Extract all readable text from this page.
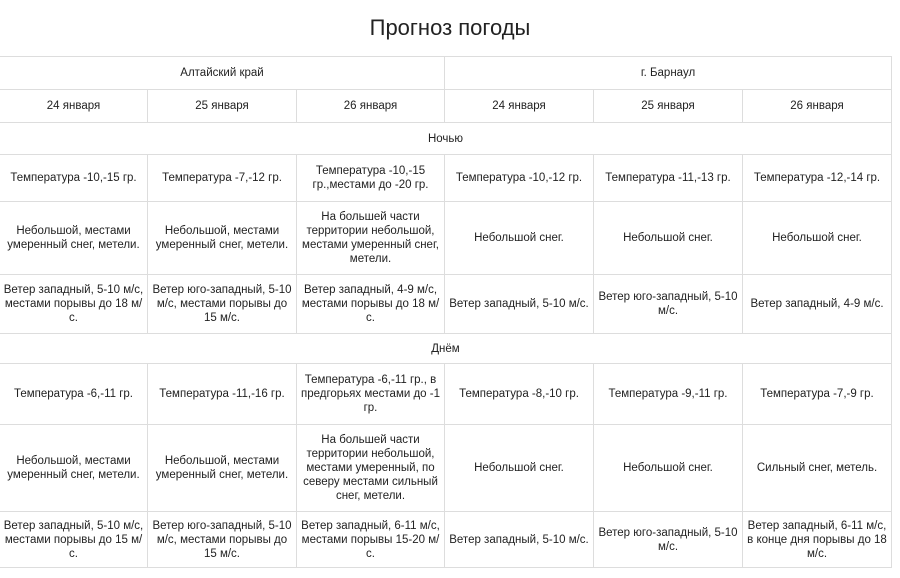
Прогноз погоды
Алтайский край			г. Барнаул		
24 января	25 января	26 января	24 января	25 января	26 января
Ночью					
Температура -10,-15 гр.	Температура -7,-12 гр.	Температура -10,-15 гр.,местами до -20 гр.	Температура -10,-12 гр.	Температура -11,-13 гр.	Температура -12,-14 гр.
Небольшой, местами умеренный снег, метели.	Небольшой, местами умеренный снег, метели.	На большей части территории небольшой, местами умеренный снег, метели.	Небольшой снег.	Небольшой снег.	Небольшой снег.
Ветер западный, 5-10 м/с, местами порывы до 18 м/с.	Ветер юго-западный, 5-10 м/с, местами порывы до 15 м/с.	Ветер западный, 4-9 м/с, местами порывы до 18 м/с.	Ветер западный, 5-10 м/с.	Ветер юго-западный, 5-10 м/с.	Ветер западный, 4-9 м/с.
Днём					
Температура -6,-11 гр.	Температура -11,-16 гр.	Температура -6,-11 гр., в предгорьях местами до -1 гр.	Температура -8,-10 гр.	Температура -9,-11 гр.	Температура -7,-9 гр.
Небольшой, местами умеренный снег, метели.	Небольшой, местами умеренный снег, метели.	На большей части территории небольшой, местами умеренный, по северу местами сильный снег, метели.	Небольшой снег.	Небольшой снег.	Сильный снег, метель.
Ветер западный, 5-10 м/с, местами порывы до 15 м/с.	Ветер юго-западный, 5-10 м/с, местами порывы до 15 м/с.	Ветер западный, 6-11 м/с, местами порывы 15-20 м/с.	Ветер западный, 5-10 м/с.	Ветер юго-западный, 5-10 м/с.	Ветер западный, 6-11 м/с, в конце дня порывы до 18 м/с.
